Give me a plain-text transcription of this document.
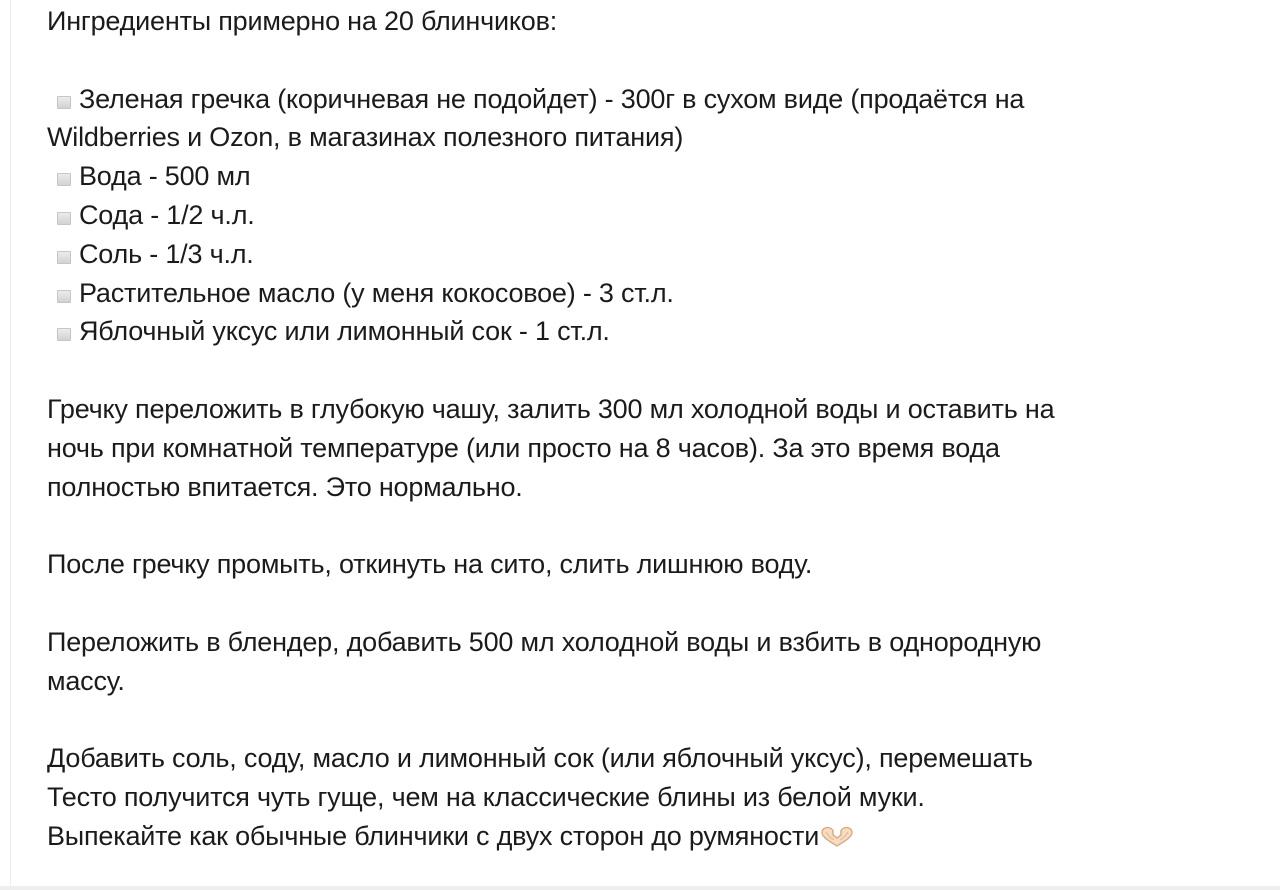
Ингредиенты примерно на 20 блинчиков:

Зеленая гречка (коричневая не подойдет) - 300г в сухом виде (продаётся на
Wildberries и Ozon, в магазинах полезного питания)
Вода - 500 мл
Сода - 1/2 ч.л.
Соль - 1/3 ч.л.
Растительное масло (у меня кокосовое) - 3 ст.л.
Яблочный уксус или лимонный сок - 1 ст.л.

Гречку переложить в глубокую чашу, залить 300 мл холодной воды и оставить на

ночь при комнатной температуре (или просто на 8 часов). За это время вода

полностью впитается. Это нормально.

После гречку промыть, откинуть на сито, слить лишнюю воду.

Переложить в блендер, добавить 500 мл холодной воды и взбить в однородную

массу.

Добавить соль, соду, масло и лимонный сок (или яблочный уксус), перемешать

Тесто получится чуть гуще, чем на классические блины из белой муки.

Выпекайте как обычные блинчики с двух сторон до румяности
